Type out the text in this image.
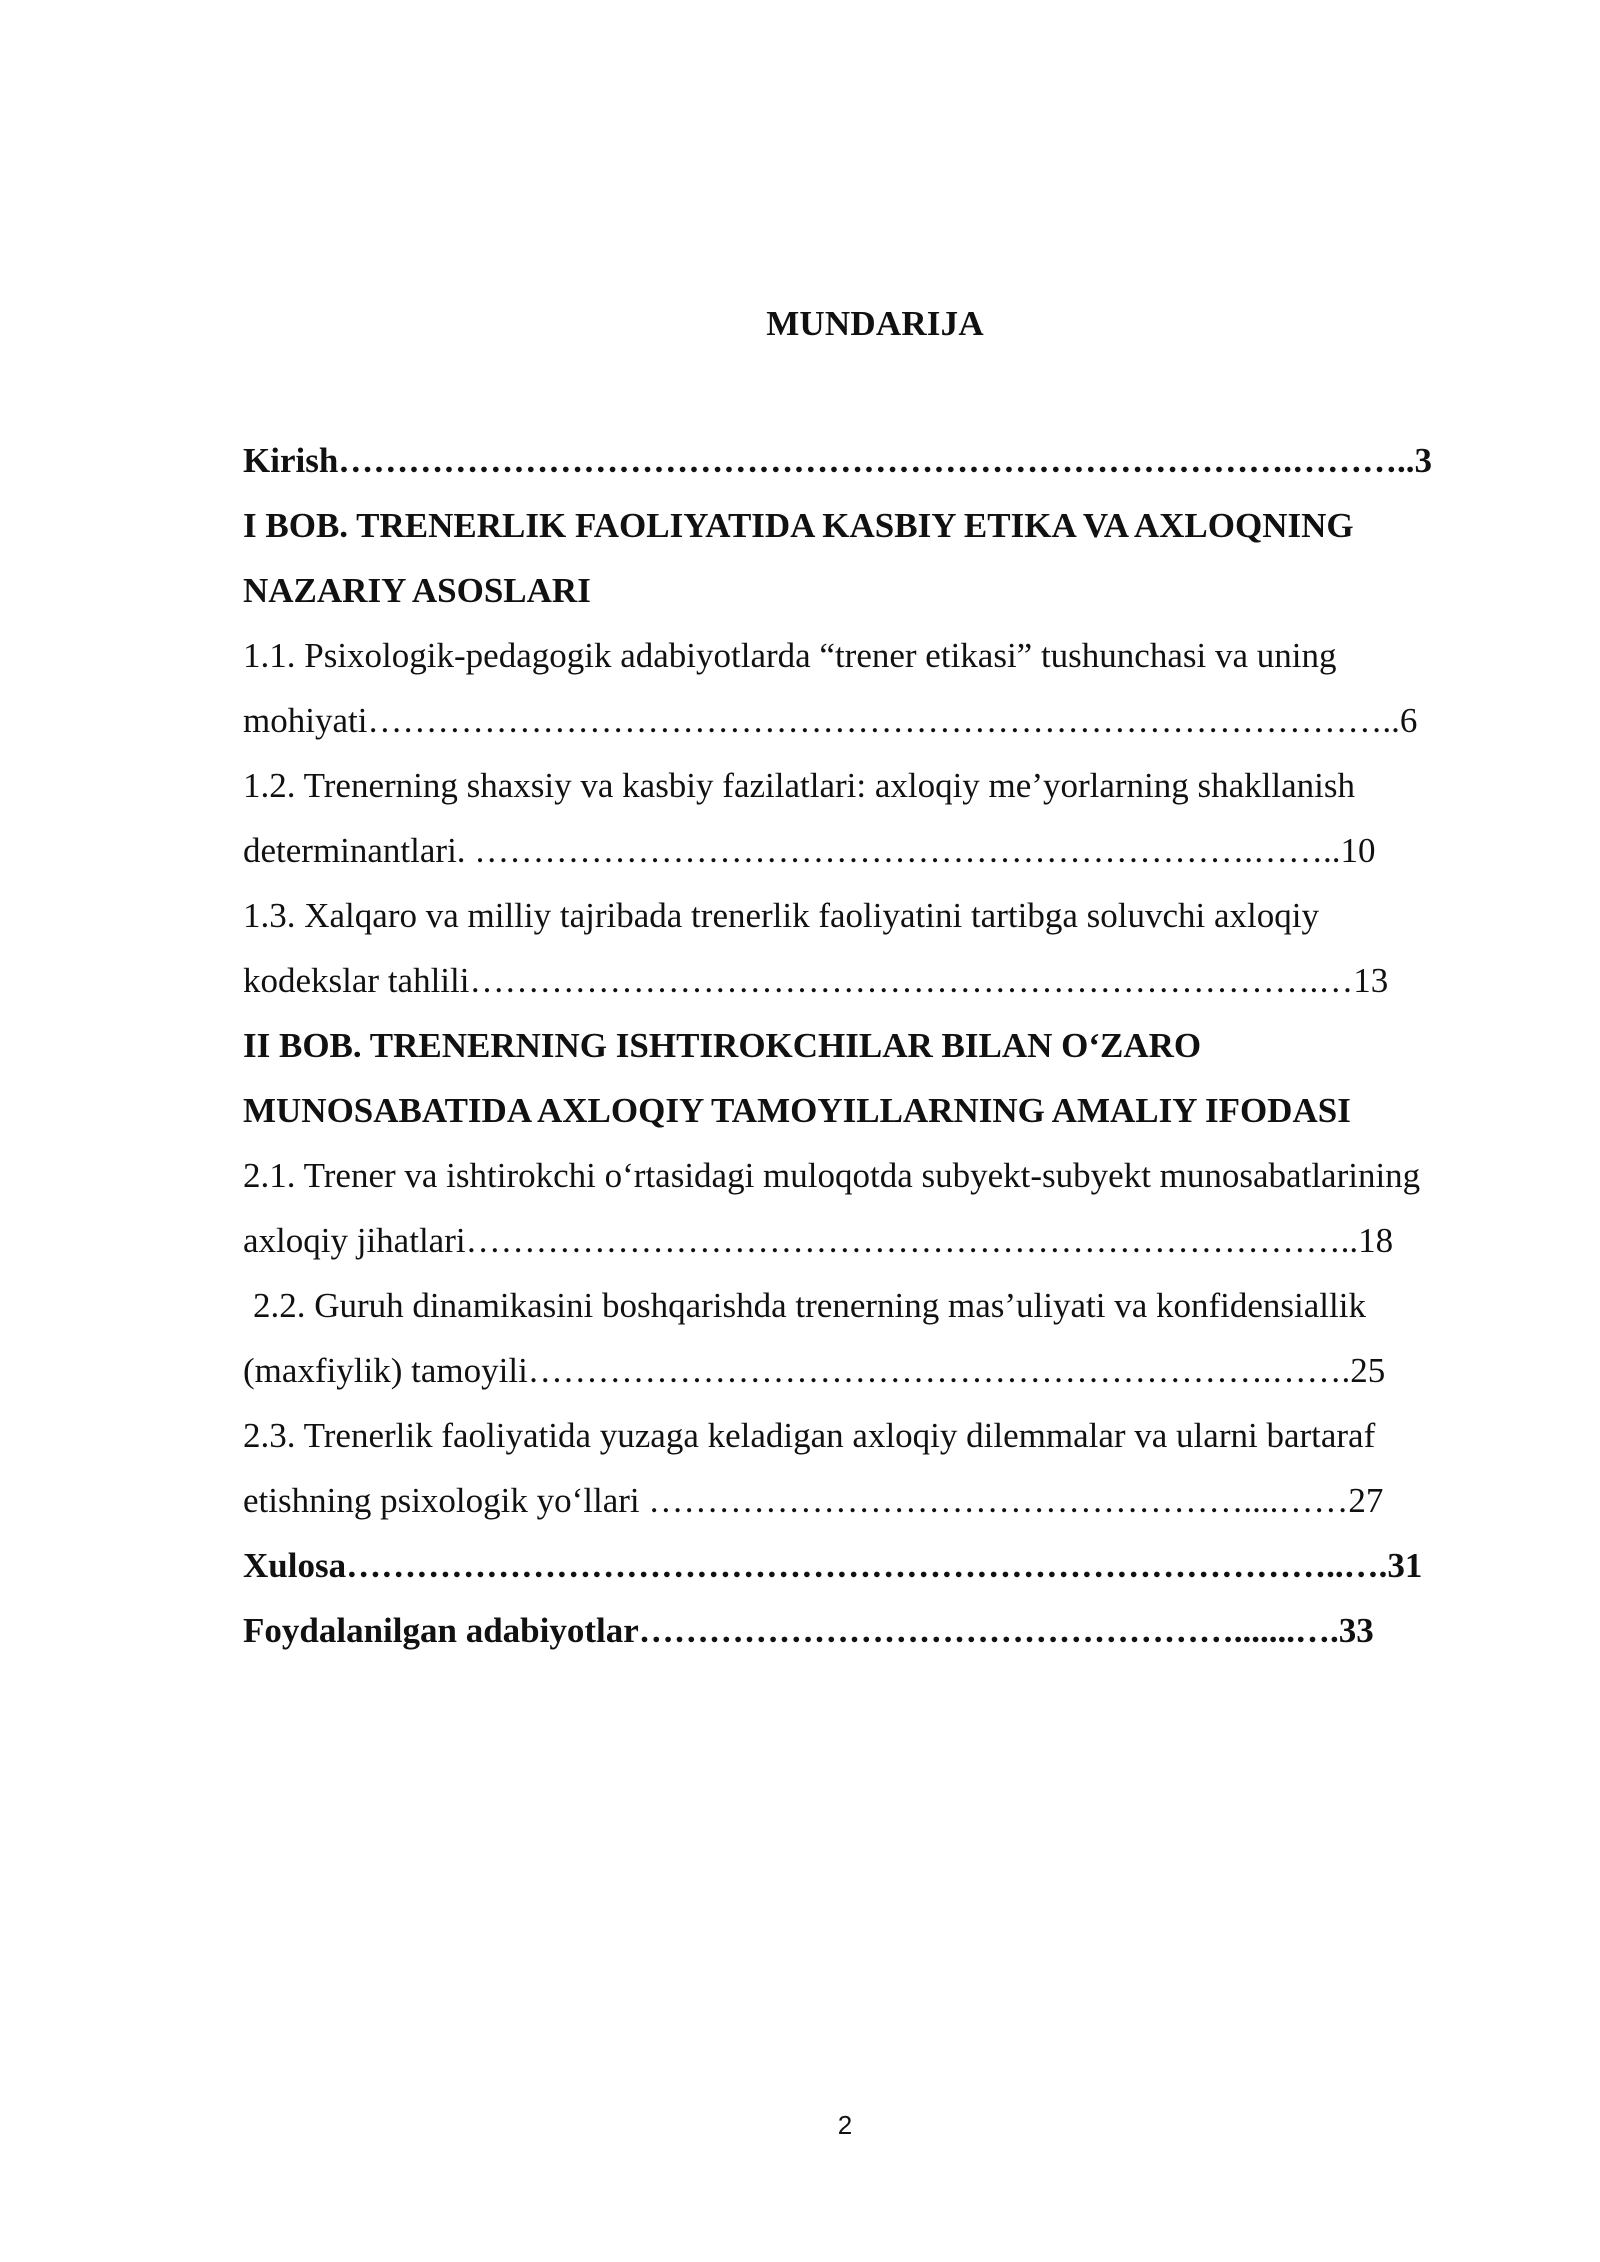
MUNDARIJA
Kirish……………………………………………………………………….………..3
I BOB. TRENERLIK FAOLIYATIDA KASBIY ETIKA VA AXLOQNING
NAZARIY ASOSLARI
1.1. Psixologik-pedagogik adabiyotlarda “trener etikasi” tushunchasi va uning
mohiyati……………………………………………………………………………..6
1.2. Trenerning shaxsiy va kasbiy fazilatlari: axloqiy me’yorlarning shakllanish
determinantlari. ………………………………………………………….……..10
1.3. Xalqaro va milliy tajribada trenerlik faoliyatini tartibga soluvchi axloqiy
kodekslar tahlili……………………………………………………………….…13
II BOB. TRENERNING ISHTIROKCHILAR BILAN O‘ZARO
MUNOSABATIDA AXLOQIY TAMOYILLARNING AMALIY IFODASI
2.1. Trener va ishtirokchi o‘rtasidagi muloqotda subyekt-subyekt munosabatlarining
axloqiy jihatlari…………………………………………………………………..18
2.2. Guruh dinamikasini boshqarishda trenerning mas’uliyati va konfidensiallik
(maxfiylik) tamoyili……………………………………………………….…….25
2.3. Trenerlik faoliyatida yuzaga keladigan axloqiy dilemmalar va ularni bartaraf
etishning psixologik yo‘llari ……………………………………………....……27
Xulosa…………………………………………………………………………..….31
Foydalanilgan adabiyotlar…………………………………………….......….33
2
